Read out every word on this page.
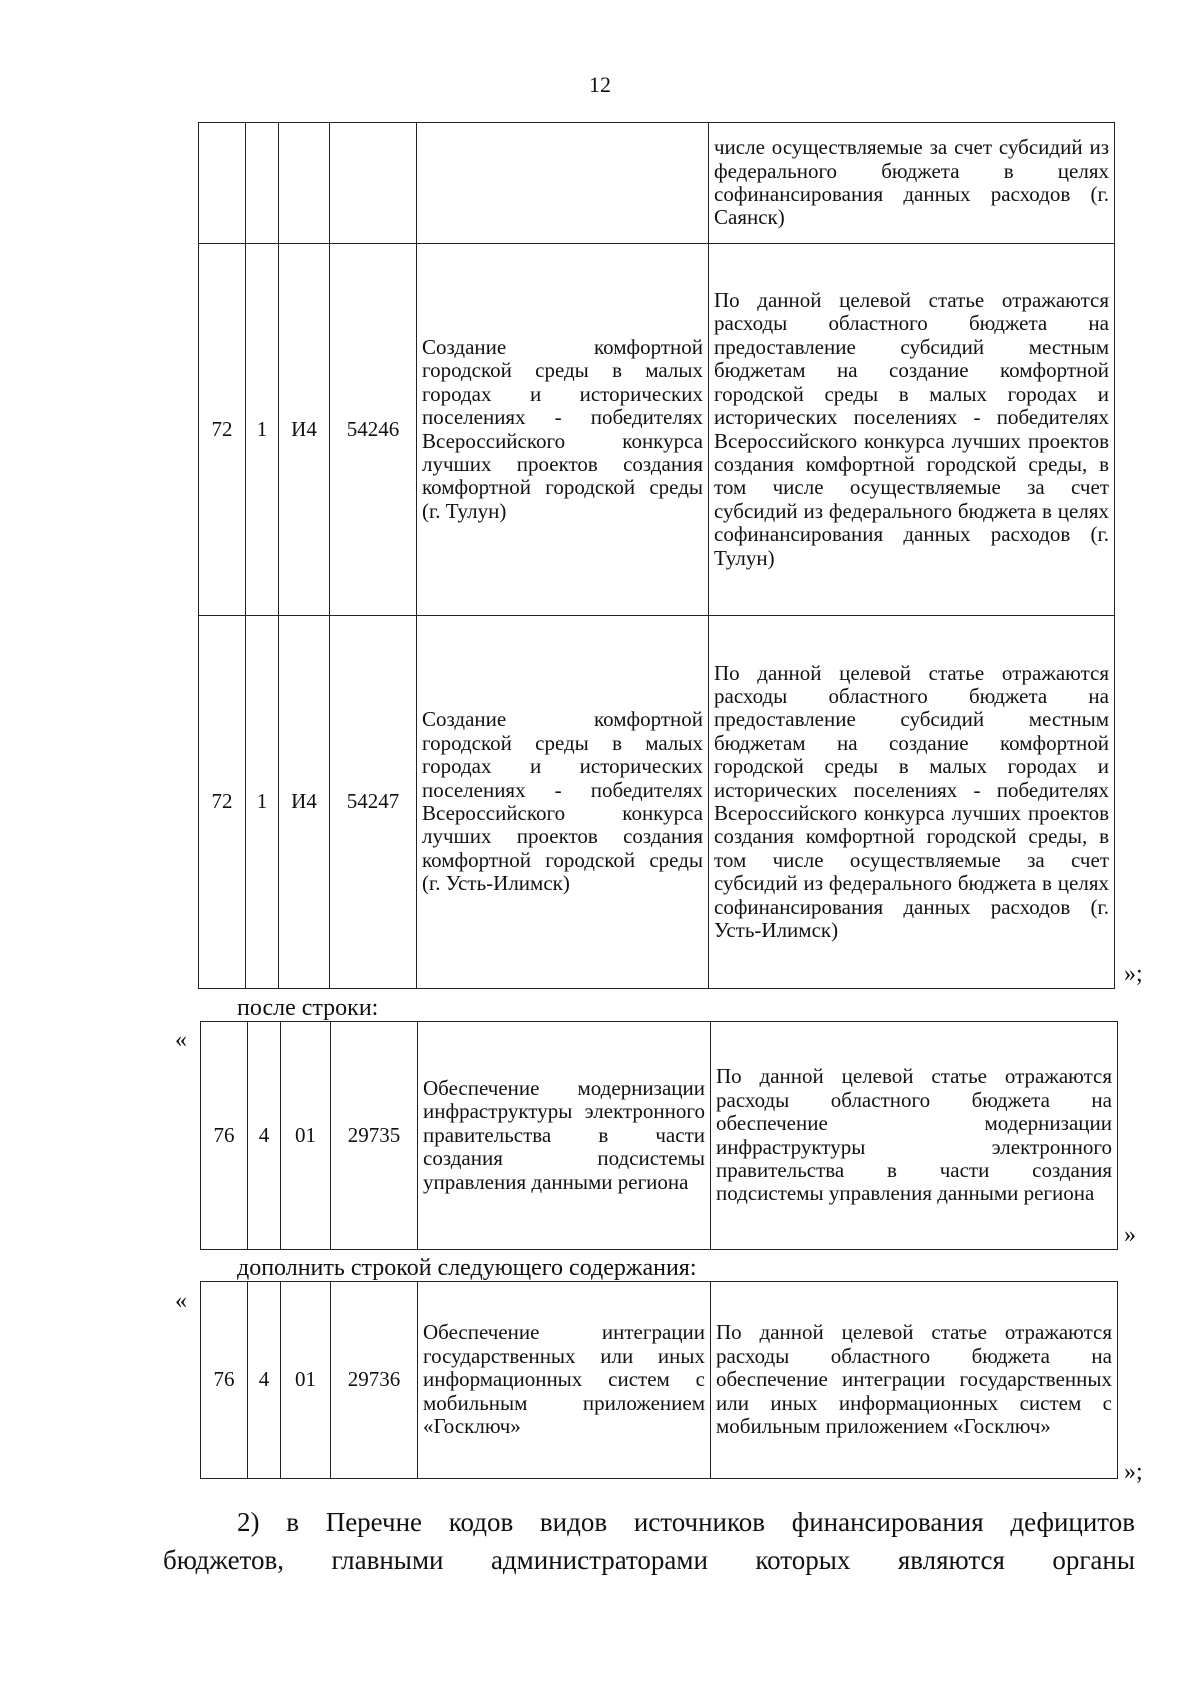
12
					числе осуществляемые за счет субсидий из федерального бюджета в целях софинансирования данных расходов (г. Саянск)
72	1	И4	54246	Создание комфортной городской среды в малых городах и исторических поселениях - победителях Всероссийского конкурса лучших проектов создания комфортной городской среды (г. Тулун)	По данной целевой статье отражаются расходы областного бюджета на предоставление субсидий местным бюджетам на создание комфортной городской среды в малых городах и исторических поселениях - победителях Всероссийского конкурса лучших проектов создания комфортной городской среды, в том числе осуществляемые за счет субсидий из федерального бюджета в целях софинансирования данных расходов (г. Тулун)
72	1	И4	54247	Создание комфортной городской среды в малых городах и исторических поселениях - победителях Всероссийского конкурса лучших проектов создания комфортной городской среды (г. Усть-Илимск)	По данной целевой статье отражаются расходы областного бюджета на предоставление субсидий местным бюджетам на создание комфортной городской среды в малых городах и исторических поселениях - победителях Всероссийского конкурса лучших проектов создания комфортной городской среды, в том числе осуществляемые за счет субсидий из федерального бюджета в целях софинансирования данных расходов (г. Усть-Илимск)
»;
после строки:
«
76	4	01	29735	Обеспечение модернизации инфраструктуры электронного правительства в части создания подсистемы управления данными региона	По данной целевой статье отражаются расходы областного бюджета на обеспечение модернизации инфраструктуры электронного правительства в части создания подсистемы управления данными региона
»
дополнить строкой следующего содержания:
«
76	4	01	29736	Обеспечение интеграции государственных или иных информационных систем с мобильным приложением «Госключ»	По данной целевой статье отражаются расходы областного бюджета на обеспечение интеграции государственных или иных информационных систем с мобильным приложением «Госключ»
»;
2) в Перечне кодов видов источников финансирования дефицитов
бюджетов, главными администраторами которых являются органы
